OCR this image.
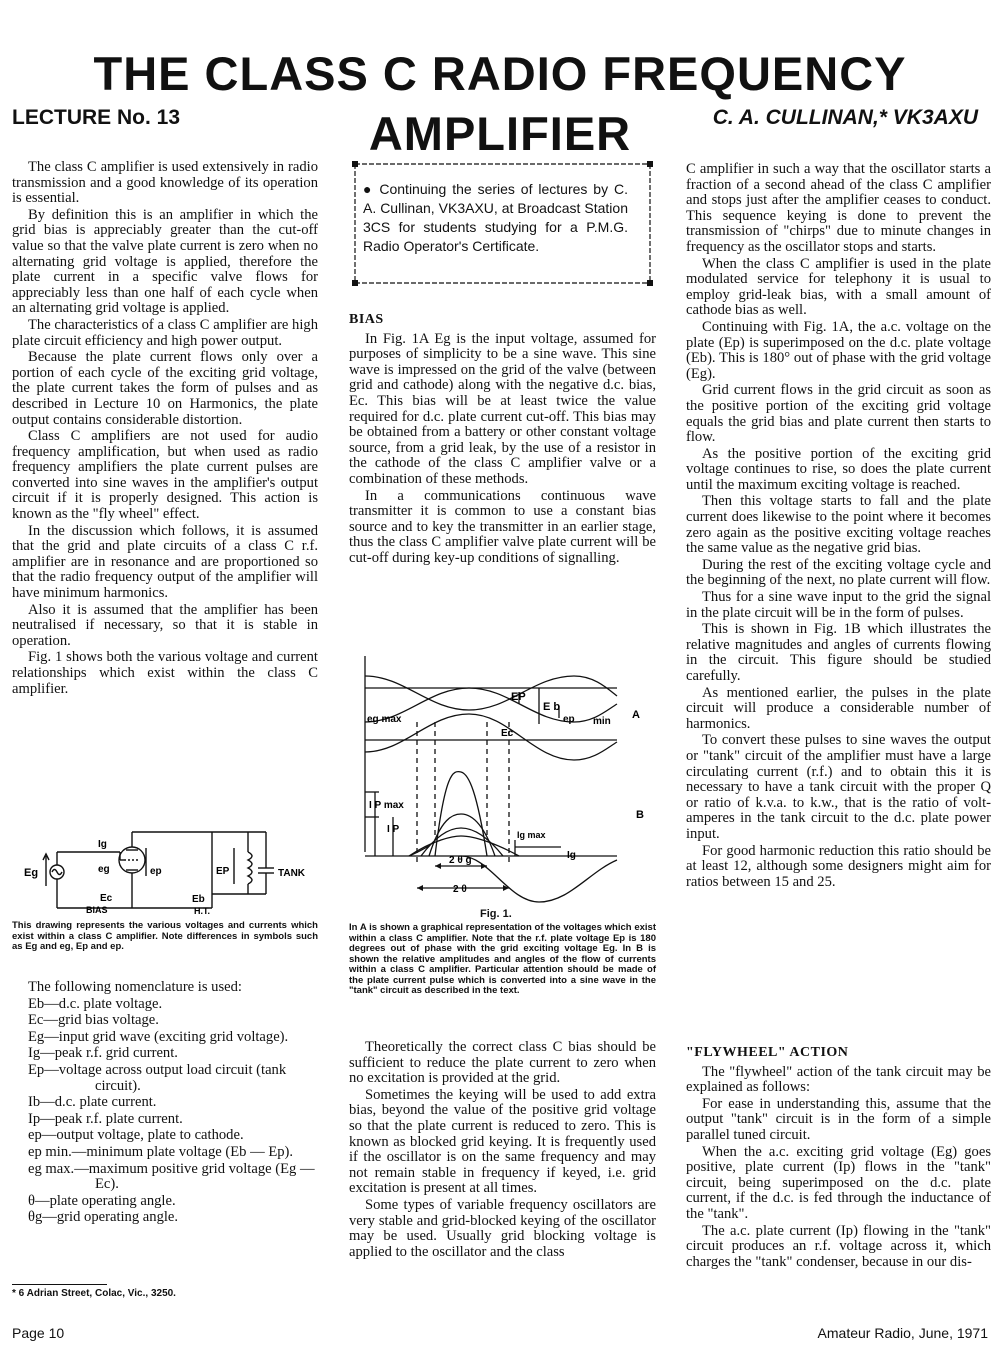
THE CLASS C RADIO FREQUENCY AMPLIFIER
LECTURE No. 13	C. A. CULLINAN,* VK3AXU

The class C amplifier is used extensively in radio transmission and a good knowledge of its operation is essential.

By definition this is an amplifier in which the grid bias is appreciably greater than the cut-off value so that the valve plate current is zero when no alternating grid voltage is applied, therefore the plate current in a specific valve flows for appreciably less than one half of each cycle when an alternating grid voltage is applied.

The characteristics of a class C amplifier are high plate circuit efficiency and high power output.

Because the plate current flows only over a portion of each cycle of the exciting grid voltage, the plate current takes the form of pulses and as described in Lecture 10 on Harmonics, the plate output contains considerable distortion.

Class C amplifiers are not used for audio frequency amplification, but when used as radio frequency amplifiers the plate current pulses are converted into sine waves in the amplifier's output circuit if it is properly designed. This action is known as the "fly wheel" effect.

In the discussion which follows, it is assumed that the grid and plate circuits of a class C r.f. amplifier are in resonance and are proportioned so that the radio frequency output of the amplifier will have minimum harmonics.

Also it is assumed that the amplifier has been neutralised if necessary, so that it is stable in operation.

Fig. 1 shows both the various voltage and current relationships which exist within the class C amplifier.

Ig
eg	ep
Eg
Ec
BIAS
EP
Eb
H.T.
TANK
This drawing represents the various voltages and currents which exist within a class C amplifier. Note differences in symbols such as Eg and eg, Ep and ep.
The following nomenclature is used:
Eb—d.c. plate voltage.
Ec—grid bias voltage.
Eg—input grid wave (exciting grid voltage).
Ig—peak r.f. grid current.
Ep—voltage across output load circuit (tank circuit).
Ib—d.c. plate current.
Ip—peak r.f. plate current.
ep—output voltage, plate to cathode.
ep min.—minimum plate voltage (Eb — Ep).
eg max.—maximum positive grid voltage (Eg — Ec).
θ—plate operating angle.
θg—grid operating angle.
* 6 Adrian Street, Colac, Vic., 3250.
● Continuing the series of lectures by C. A. Cullinan, VK3AXU, at Broadcast Station 3CS for students studying for a P.M.G. Radio Operator's Certificate.

BIAS

In Fig. 1A Eg is the input voltage, assumed for purposes of simplicity to be a sine wave. This sine wave is impressed on the grid of the valve (between grid and cathode) along with the negative d.c. bias, Ec. This bias will be at least twice the value required for d.c. plate current cut-off. This bias may be obtained from a battery or other constant voltage source, from a grid leak, by the use of a resistor in the cathode of the class C amplifier valve or a combination of these methods.

In a communications continuous wave transmitter it is common to use a constant bias source and to key the transmitter in an earlier stage, thus the class C amplifier valve plate current will be cut-off during key-up conditions of signalling.

EP
E b
eg max	ep min
Ec
A
B
I P max
I P	Ig max
Ig
2 θ g
2 θ
Fig. 1.
In A is shown a graphical representation of the voltages which exist within a class C amplifier. Note that the r.f. plate voltage Ep is 180 degrees out of phase with the grid exciting voltage Eg. In B is shown the relative amplitudes and angles of the flow of currents within a class C amplifier. Particular attention should be made of the plate current pulse which is converted into a sine wave in the "tank" circuit as described in the text.

Theoretically the correct class C bias should be sufficient to reduce the plate current to zero when no excitation is provided at the grid.

Sometimes the keying will be used to add extra bias, beyond the value of the positive grid voltage so that the plate current is reduced to zero. This is known as blocked grid keying. It is frequently used if the oscillator is on the same frequency and may not remain stable in frequency if keyed, i.e. grid excitation is present at all times.

Some types of variable frequency oscillators are very stable and grid-blocked keying of the oscillator may be used. Usually grid blocking voltage is applied to the oscillator and the class

C amplifier in such a way that the oscillator starts a fraction of a second ahead of the class C amplifier and stops just after the amplifier ceases to conduct. This sequence keying is done to prevent the transmission of "chirps" due to minute changes in frequency as the oscillator stops and starts.

When the class C amplifier is used in the plate modulated service for telephony it is usual to employ grid-leak bias, with a small amount of cathode bias as well.

Continuing with Fig. 1A, the a.c. voltage on the plate (Ep) is superimposed on the d.c. plate voltage (Eb). This is 180° out of phase with the grid voltage (Eg).

Grid current flows in the grid circuit as soon as the positive portion of the exciting grid voltage equals the grid bias and plate current then starts to flow.

As the positive portion of the exciting grid voltage continues to rise, so does the plate current until the maximum exciting voltage is reached.

Then this voltage starts to fall and the plate current does likewise to the point where it becomes zero again as the positive exciting voltage reaches the same value as the negative grid bias.

During the rest of the exciting voltage cycle and the beginning of the next, no plate current will flow.

Thus for a sine wave input to the grid the signal in the plate circuit will be in the form of pulses.

This is shown in Fig. 1B which illustrates the relative magnitudes and angles of currents flowing in the circuit. This figure should be studied carefully.

As mentioned earlier, the pulses in the plate circuit will produce a considerable number of harmonics.

To convert these pulses to sine waves the output or "tank" circuit of the amplifier must have a large circulating current (r.f.) and to obtain this it is necessary to have a tank circuit with the proper Q or ratio of k.v.a. to k.w., that is the ratio of volt-amperes in the tank circuit to the d.c. plate power input.

For good harmonic reduction this ratio should be at least 12, although some designers might aim for ratios between 15 and 25.

"FLYWHEEL" ACTION

The "flywheel" action of the tank circuit may be explained as follows:

For ease in understanding this, assume that the output "tank" circuit is in the form of a simple parallel tuned circuit.

When the a.c. exciting grid voltage (Eg) goes positive, plate current (Ip) flows in the "tank" circuit, being superimposed on the d.c. plate current, if the d.c. is fed through the inductance of the "tank".

The a.c. plate current (Ip) flowing in the "tank" circuit produces an r.f. voltage across it, which charges the "tank" condenser, because in our dis-

Page 10	Amateur Radio, June, 1971
